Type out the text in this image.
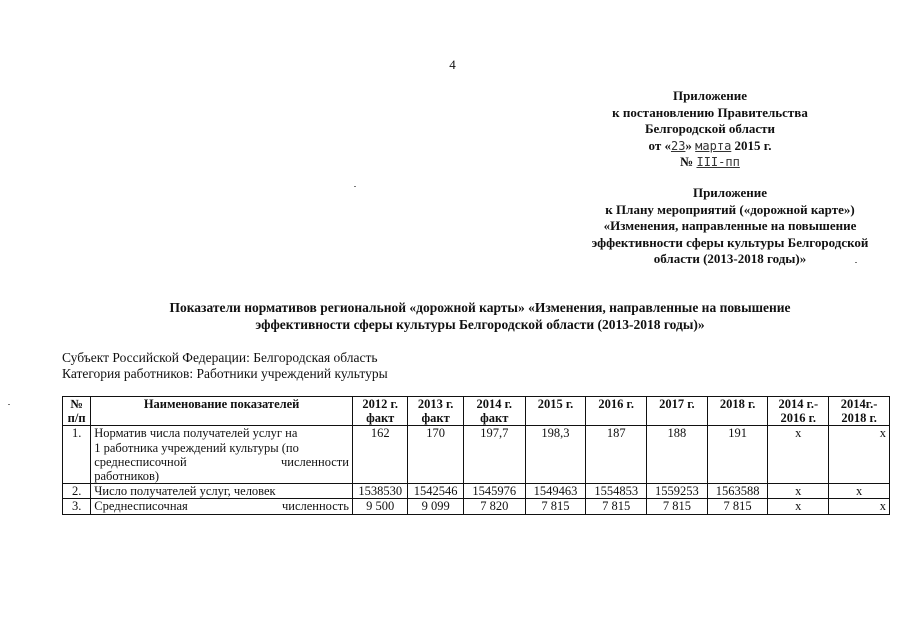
4
Приложение
к постановлению Правительства
Белгородской области
от «23» марта 2015 г.
№ III-пп
Приложение
к Плану мероприятий («дорожной карте»)
«Изменения, направленные на повышение
эффективности сферы культуры Белгородской
области (2013-2018 годы)»
Показатели нормативов региональной «дорожной карты» «Изменения, направленные на повышение
эффективности сферы культуры Белгородской области (2013-2018 годы)»
Субъект Российской Федерации: Белгородская область
Категория работников: Работники учреждений культуры
№ п/п	Наименование показателей	2012 г. факт	2013 г. факт	2014 г. факт	2015 г.	2016 г.	2017 г.	2018 г.	2014 г.- 2016 г.	2014г.- 2018 г.
1.	Норматив числа получателей услуг на
1 работника учреждений культуры (по
среднесписочной численности
работников)	162	170	197,7	198,3	187	188	191	х	х
2.	Число получателей услуг, человек	1538530	1542546	1545976	1549463	1554853	1559253	1563588	х	х
3.	Среднесписочная численность	9 500	9 099	7 820	7 815	7 815	7 815	7 815	х	х
